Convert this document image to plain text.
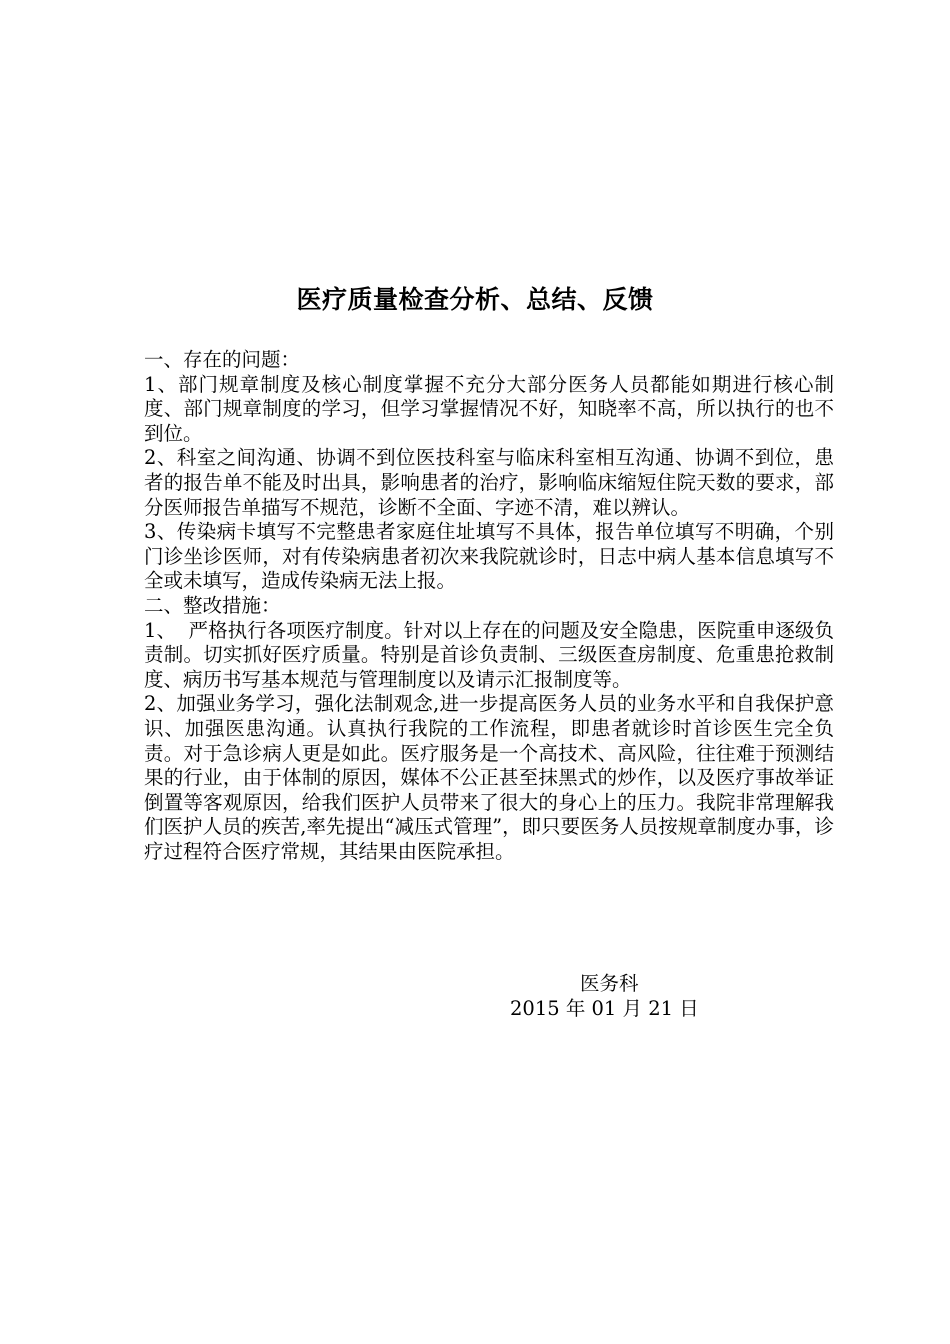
医疗质量检查分析、总结、反馈

一、存在的问题：

1、部门规章制度及核心制度掌握不充分大部分医务人员都能如期进行核心制度、部门规章制度的学习，但学习掌握情况不好，知晓率不高，所以执行的也不到位。

2、科室之间沟通、协调不到位医技科室与临床科室相互沟通、协调不到位，患者的报告单不能及时出具，影响患者的治疗，影响临床缩短住院天数的要求，部分医师报告单描写不规范，诊断不全面、字迹不清，难以辨认。

3、传染病卡填写不完整患者家庭住址填写不具体，报告单位填写不明确，个别门诊坐诊医师，对有传染病患者初次来我院就诊时，日志中病人基本信息填写不全或未填写，造成传染病无法上报。

二、整改措施：

1、  严格执行各项医疗制度。针对以上存在的问题及安全隐患，医院重申逐级负责制。切实抓好医疗质量。特别是首诊负责制、三级医查房制度、危重患抢救制度、病历书写基本规范与管理制度以及请示汇报制度等。

2、加强业务学习，强化法制观念,进一步提高医务人员的业务水平和自我保护意识、加强医患沟通。认真执行我院的工作流程，即患者就诊时首诊医生完全负责。对于急诊病人更是如此。医疗服务是一个高技术、高风险，往往难于预测结果的行业，由于体制的原因，媒体不公正甚至抹黑式的炒作，以及医疗事故举证倒置等客观原因，给我们医护人员带来了很大的身心上的压力。我院非常理解我们医护人员的疾苦,率先提出“减压式管理”，即只要医务人员按规章制度办事，诊疗过程符合医疗常规，其结果由医院承担。

医务科
2015 年 01 月 21 日
